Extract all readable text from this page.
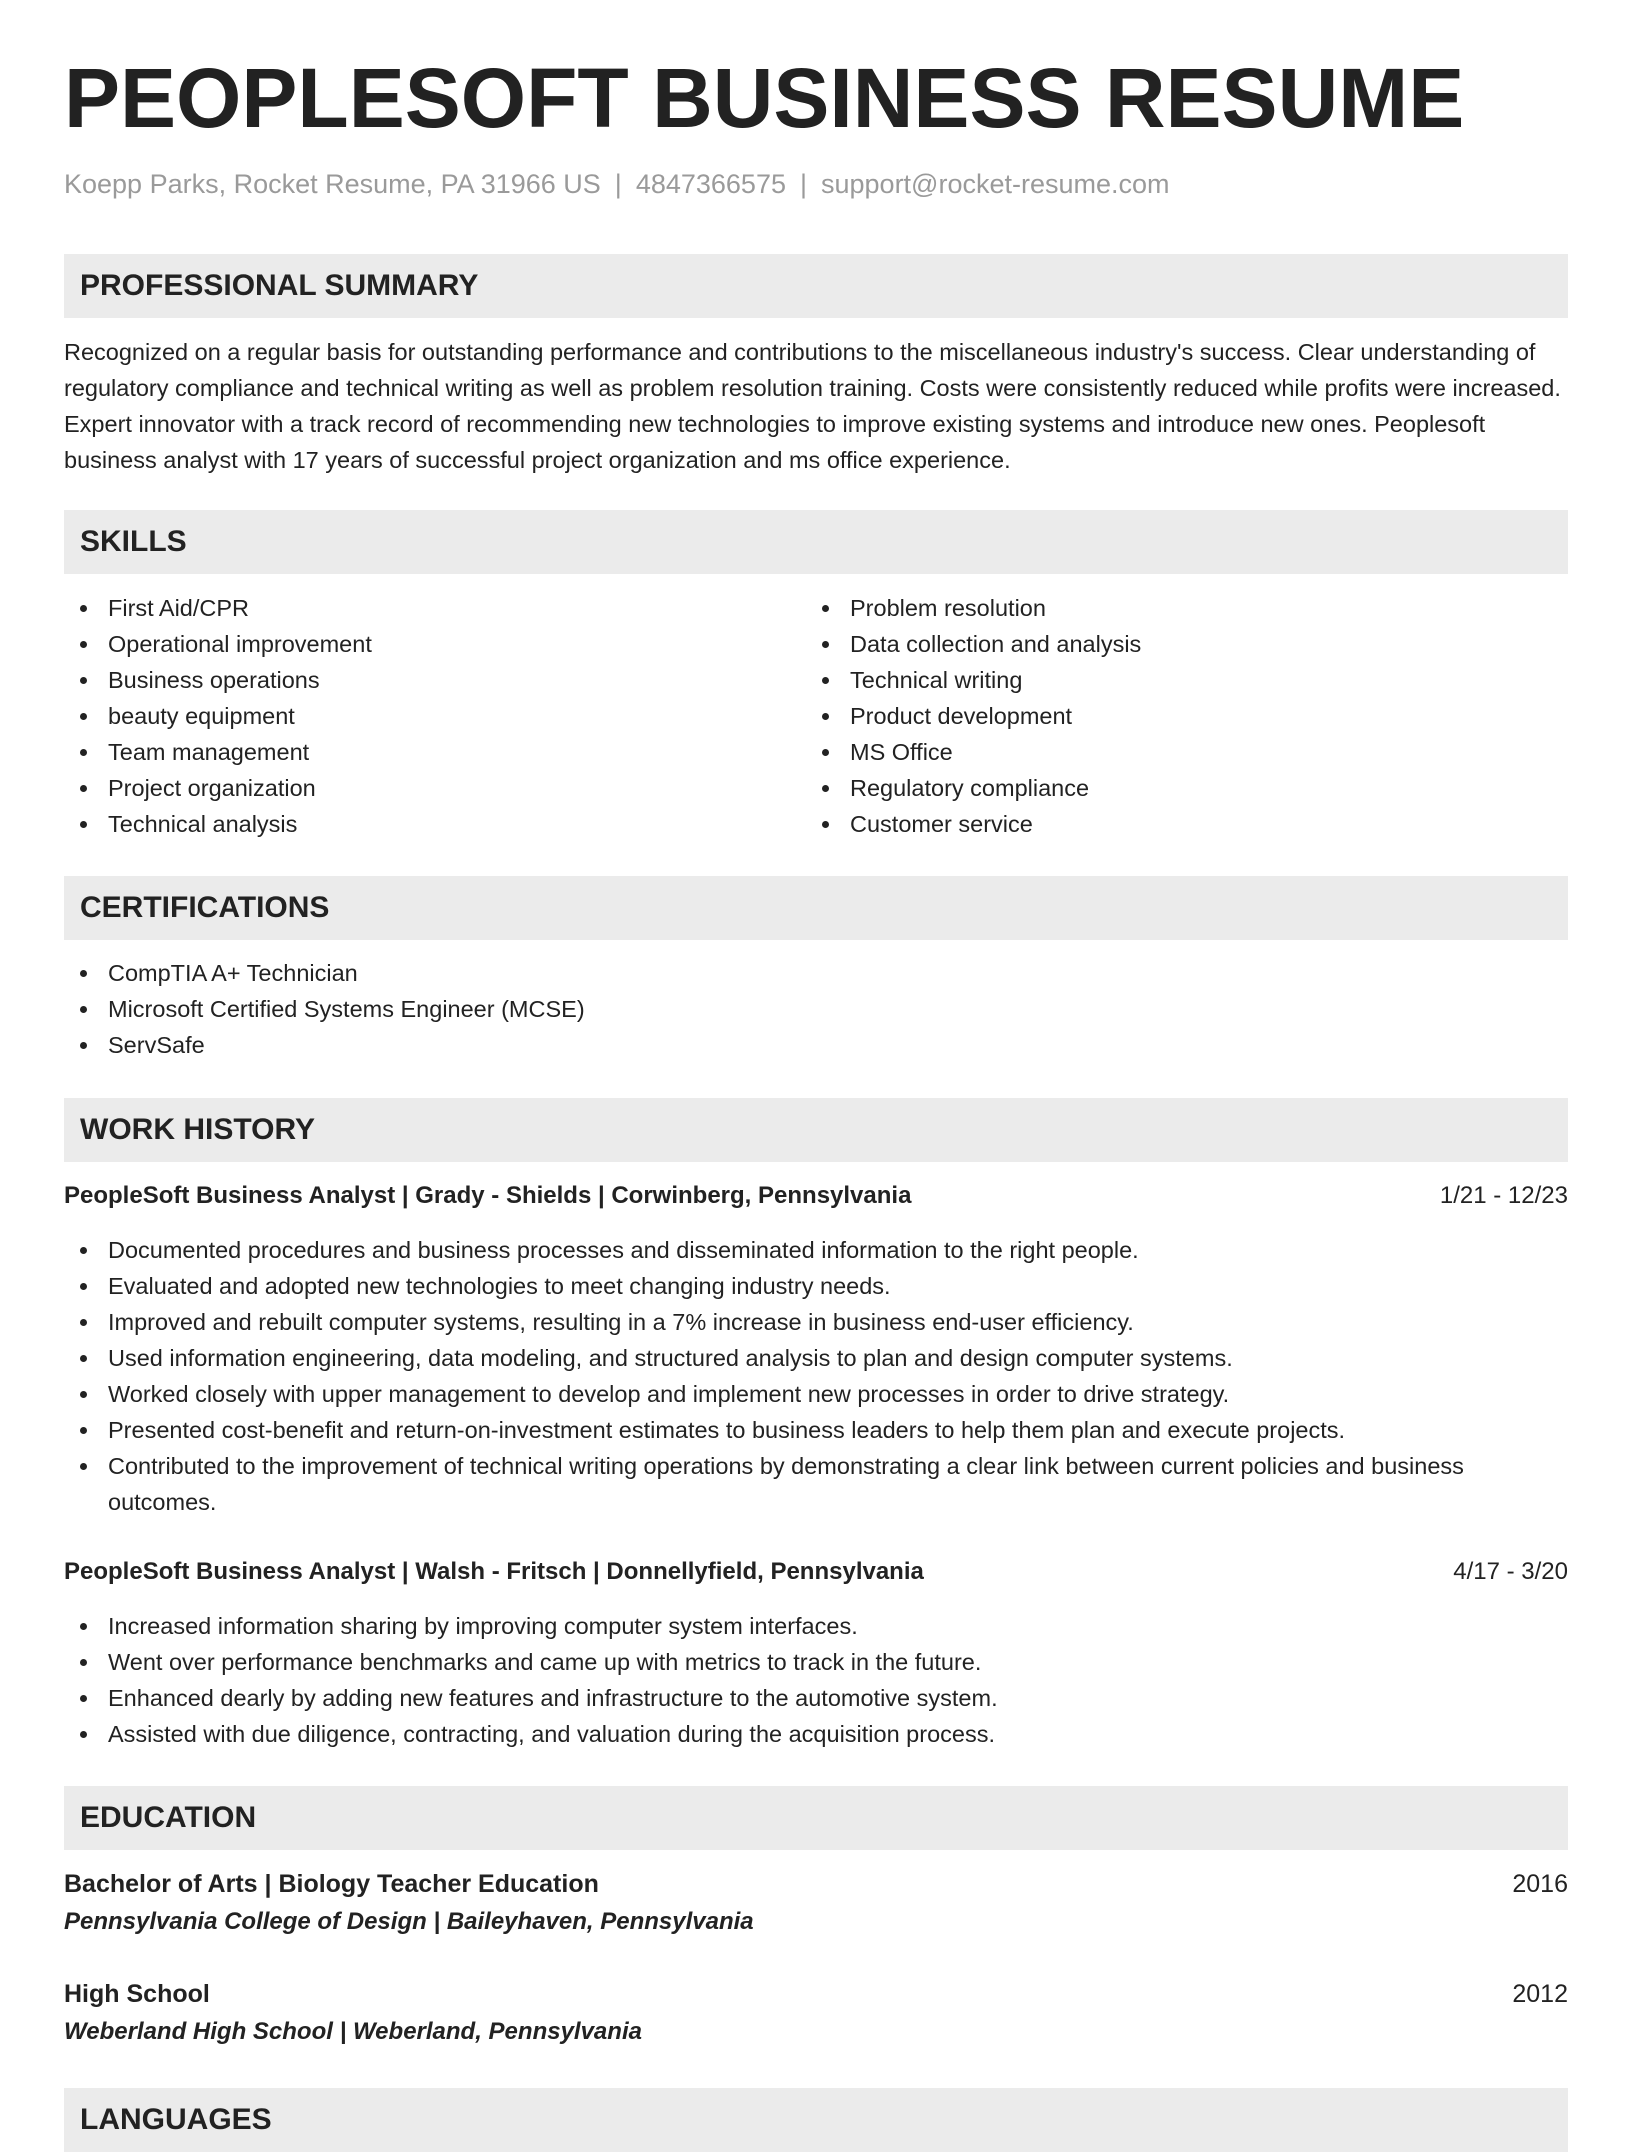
PEOPLESOFT BUSINESS RESUME
Koepp Parks, Rocket Resume, PA 31966 US | 4847366575 | support@rocket-resume.com
PROFESSIONAL SUMMARY

Recognized on a regular basis for outstanding performance and contributions to the miscellaneous industry's success. Clear understanding of regulatory compliance and technical writing as well as problem resolution training. Costs were consistently reduced while profits were increased. Expert innovator with a track record of recommending new technologies to improve existing systems and introduce new ones. Peoplesoft business analyst with 17 years of successful project organization and ms office experience.

SKILLS
First Aid/CPR
Operational improvement
Business operations
beauty equipment
Team management
Project organization
Technical analysis
Problem resolution
Data collection and analysis
Technical writing
Product development
MS Office
Regulatory compliance
Customer service
CERTIFICATIONS
CompTIA A+ Technician
Microsoft Certified Systems Engineer (MCSE)
ServSafe
WORK HISTORY
PeopleSoft Business Analyst | Grady - Shields | Corwinberg, Pennsylvania	1/21 - 12/23
Documented procedures and business processes and disseminated information to the right people.
Evaluated and adopted new technologies to meet changing industry needs.
Improved and rebuilt computer systems, resulting in a 7% increase in business end-user efficiency.
Used information engineering, data modeling, and structured analysis to plan and design computer systems.
Worked closely with upper management to develop and implement new processes in order to drive strategy.
Presented cost-benefit and return-on-investment estimates to business leaders to help them plan and execute projects.
Contributed to the improvement of technical writing operations by demonstrating a clear link between current policies and business outcomes.
PeopleSoft Business Analyst | Walsh - Fritsch | Donnellyfield, Pennsylvania	4/17 - 3/20
Increased information sharing by improving computer system interfaces.
Went over performance benchmarks and came up with metrics to track in the future.
Enhanced dearly by adding new features and infrastructure to the automotive system.
Assisted with due diligence, contracting, and valuation during the acquisition process.
EDUCATION
Bachelor of Arts | Biology Teacher Education	2016
Pennsylvania College of Design | Baileyhaven, Pennsylvania
High School	2012
Weberland High School | Weberland, Pennsylvania
LANGUAGES
